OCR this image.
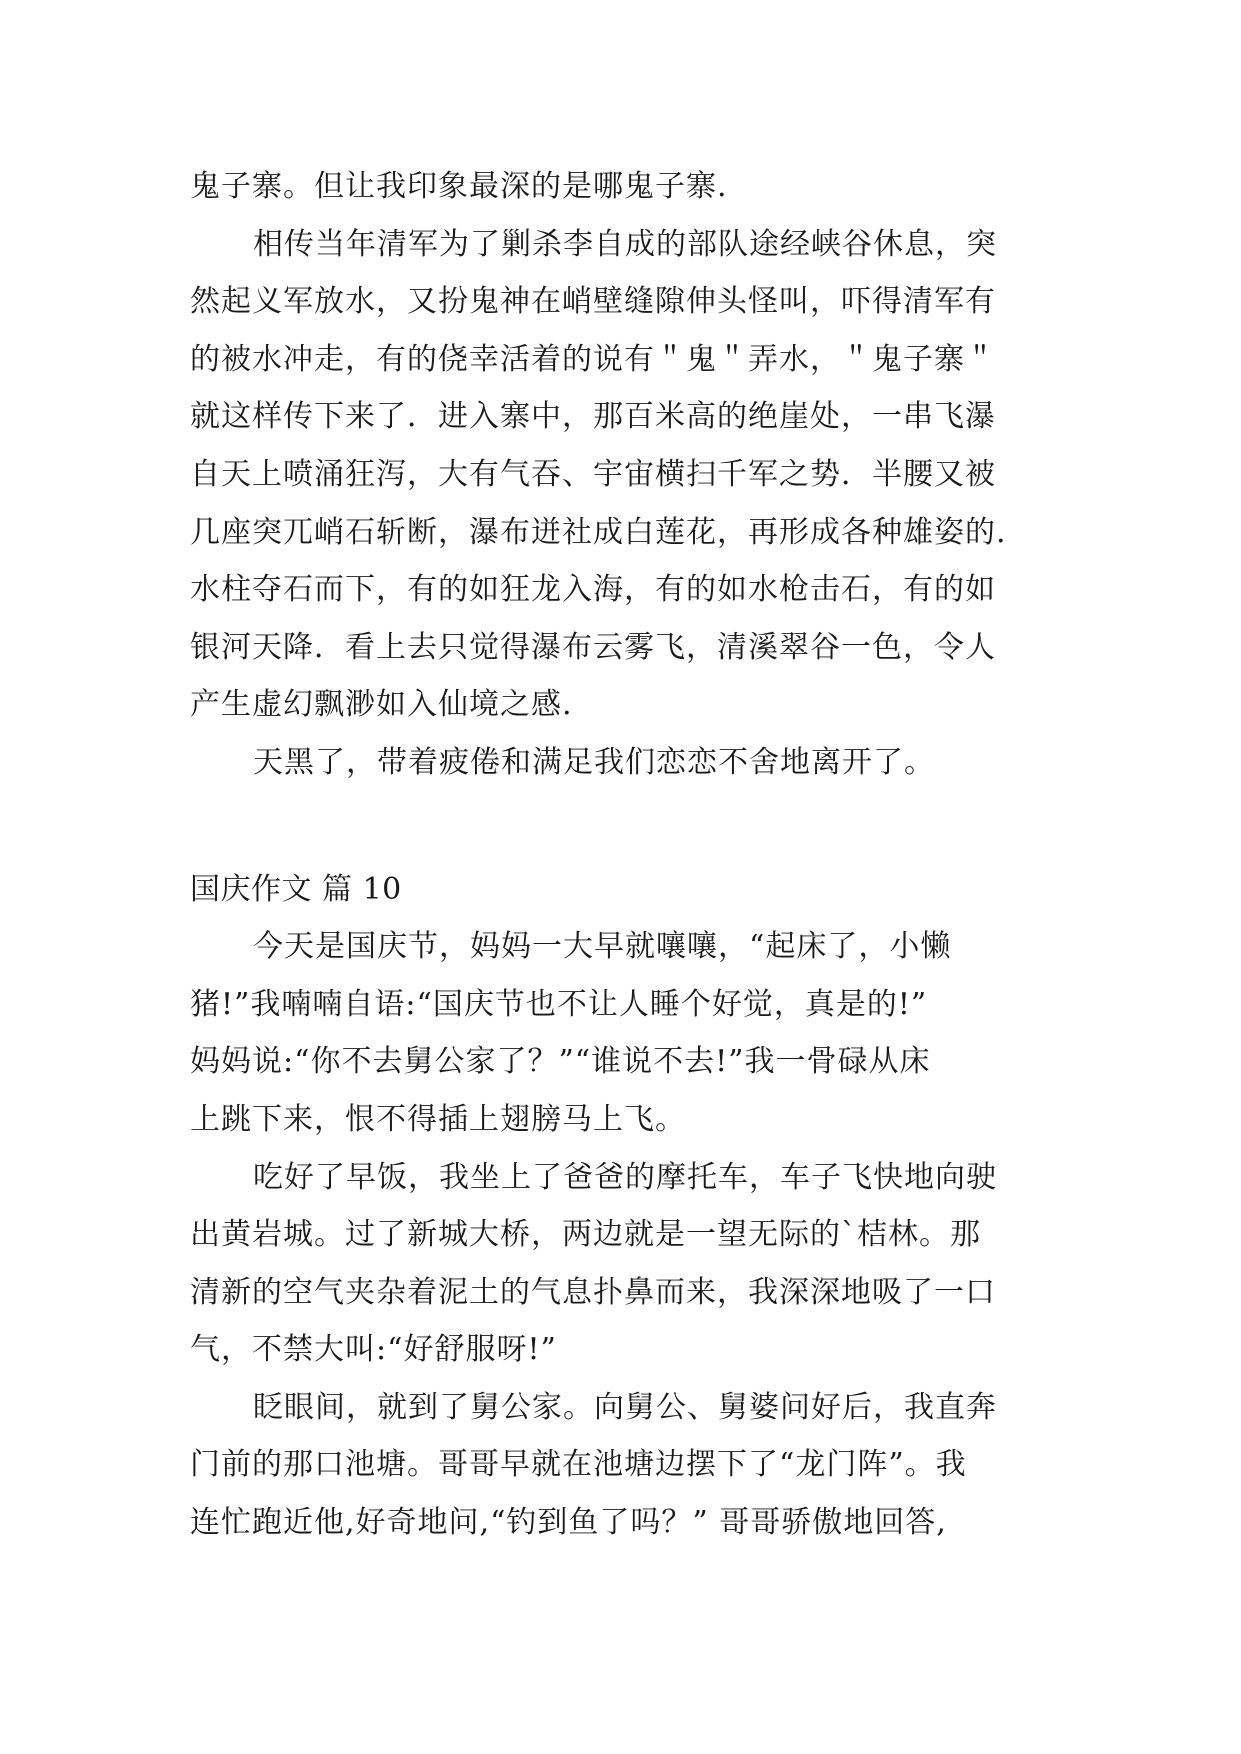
鬼子寨。但让我印象最深的是哪鬼子寨.
相传当年清军为了剿杀李自成的部队途经峡谷休息，突
然起义军放水，又扮鬼神在峭壁缝隙伸头怪叫，吓得清军有
的被水冲走，有的侥幸活着的说有＂鬼＂弄水，＂鬼子寨＂
就这样传下来了．进入寨中，那百米高的绝崖处，一串飞瀑
自天上喷涌狂泻，大有气吞、宇宙横扫千军之势．半腰又被
几座突兀峭石斩断，瀑布迸社成白莲花，再形成各种雄姿的.
水柱夺石而下，有的如狂龙入海，有的如水枪击石，有的如
银河天降．看上去只觉得瀑布云雾飞，清溪翠谷一色，令人
产生虚幻飘渺如入仙境之感.
天黑了，带着疲倦和满足我们恋恋不舍地离开了。
国庆作文 篇 10
今天是国庆节，妈妈一大早就嚷嚷，“起床了，小懒
猪!”我喃喃自语:“国庆节也不让人睡个好觉，真是的!”
妈妈说:“你不去舅公家了？”“谁说不去!”我一骨碌从床
上跳下来，恨不得插上翅膀马上飞。
吃好了早饭，我坐上了爸爸的摩托车，车子飞快地向驶
出黄岩城。过了新城大桥，两边就是一望无际的`桔林。那
清新的空气夹杂着泥土的气息扑鼻而来，我深深地吸了一口
气，不禁大叫:“好舒服呀!”
眨眼间，就到了舅公家。向舅公、舅婆问好后，我直奔
门前的那口池塘。哥哥早就在池塘边摆下了“龙门阵”。我
连忙跑近他,好奇地问,“钓到鱼了吗？” 哥哥骄傲地回答,
